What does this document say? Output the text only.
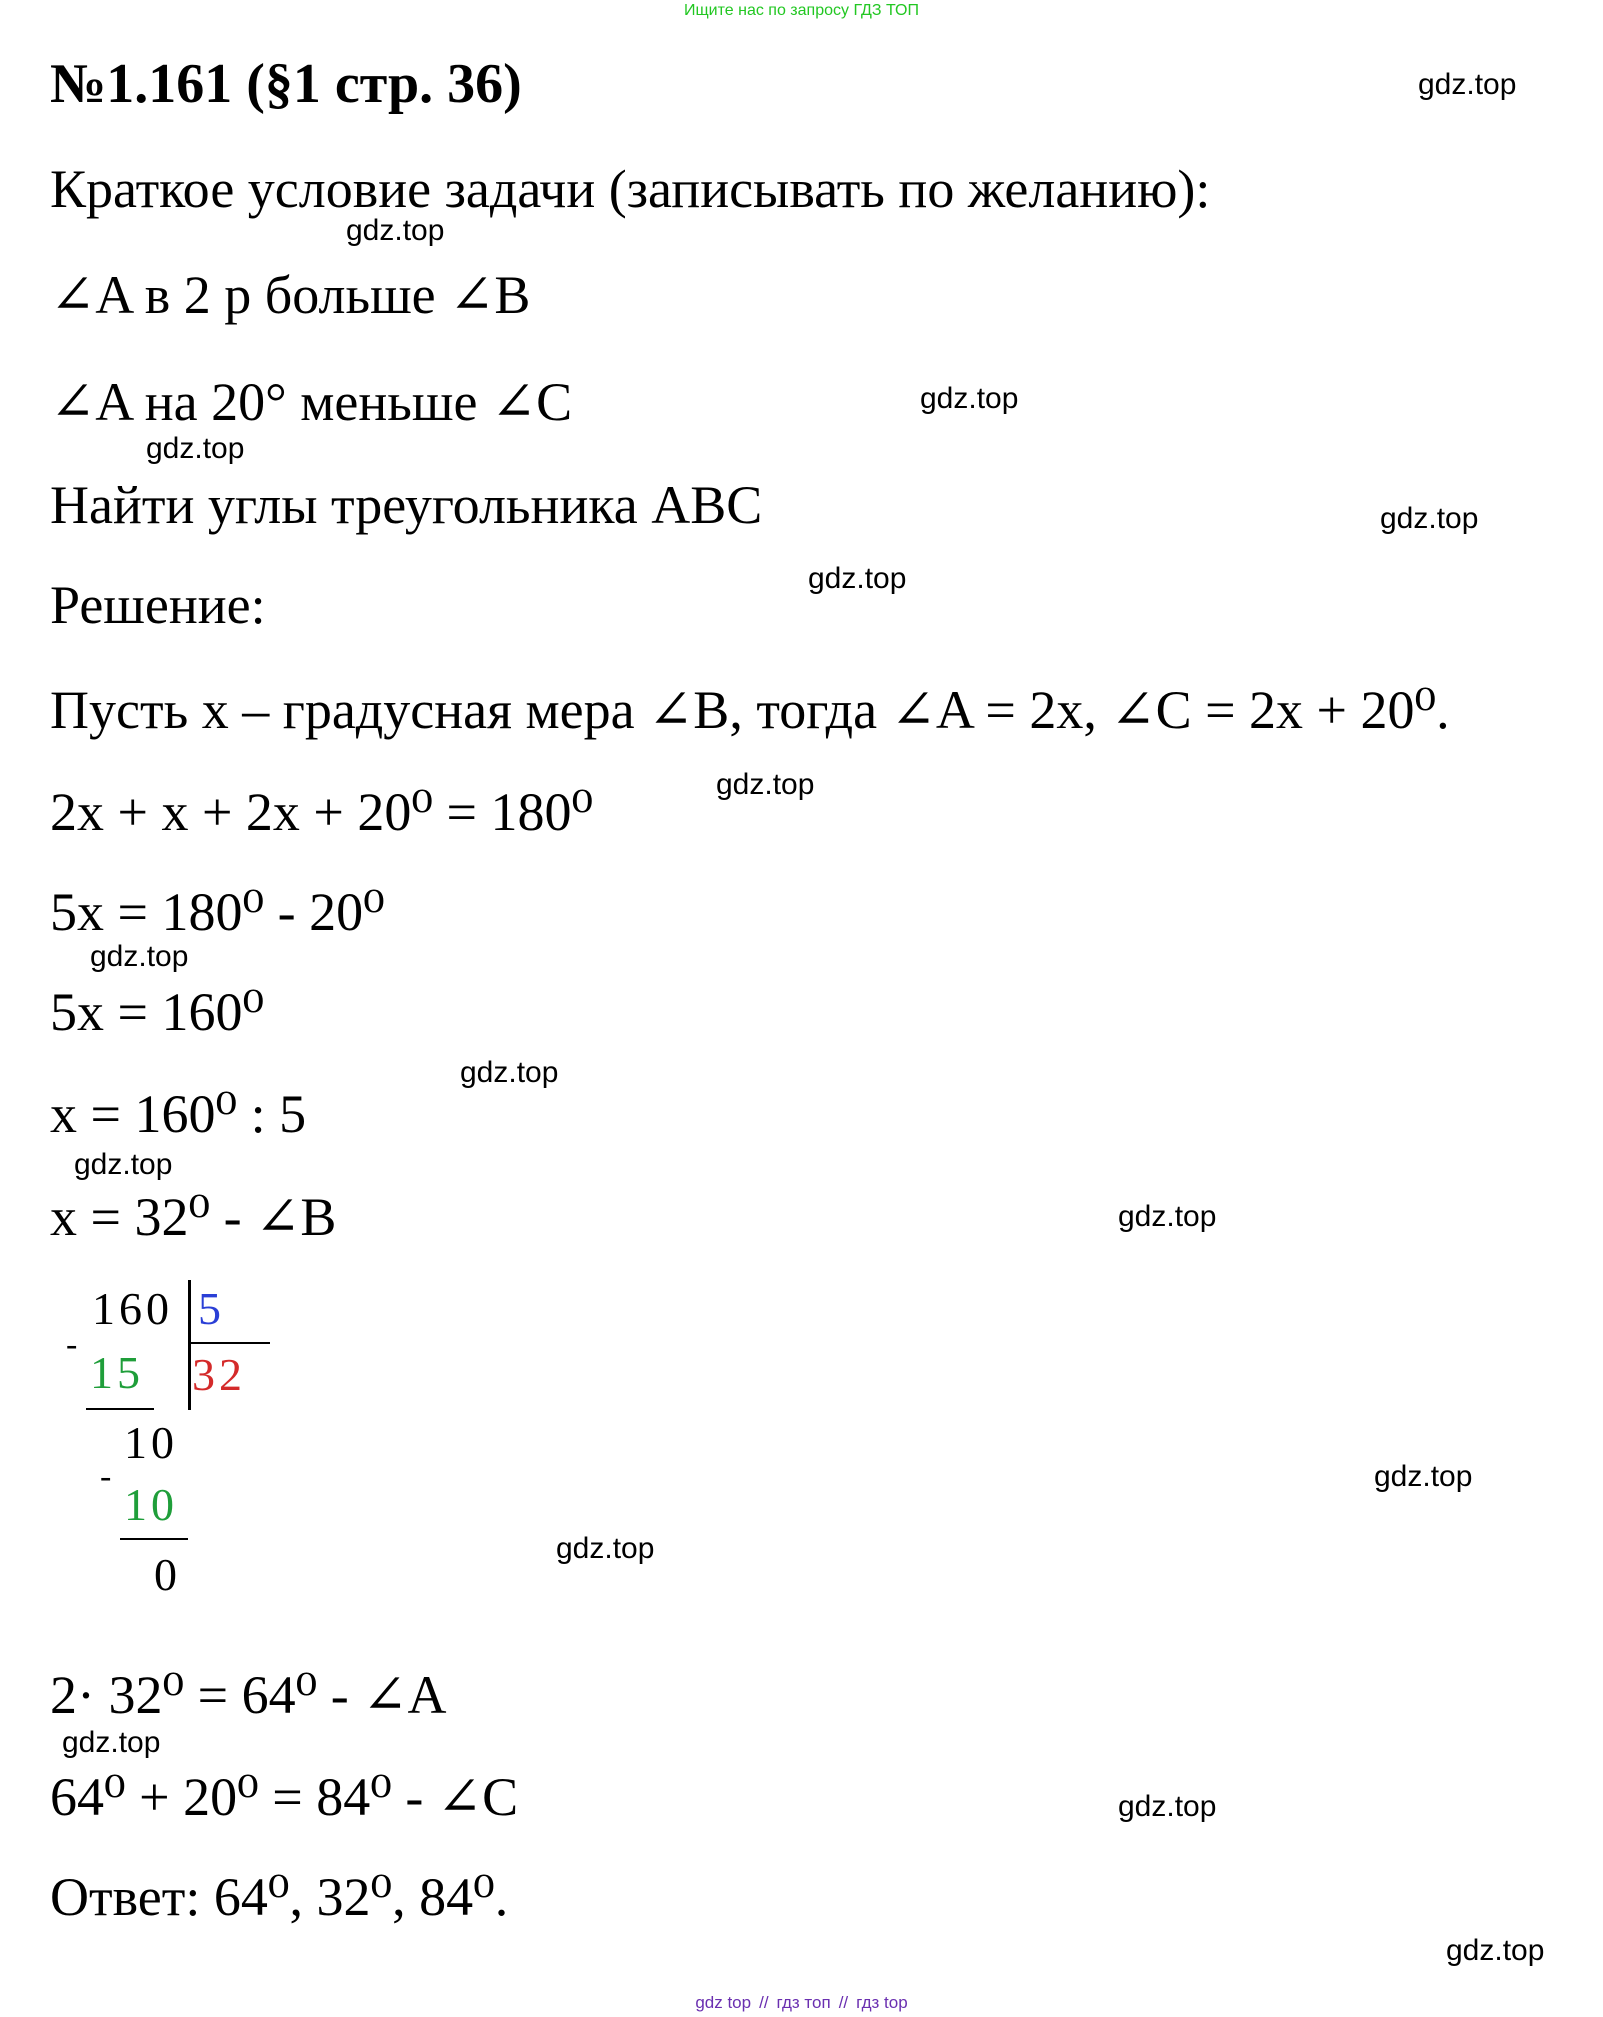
Ищите нас по запросу ГДЗ ТОП
№1.161 (§1 стр. 36)
Краткое условие задачи (записывать по желанию):
∠A в 2 р больше ∠B
∠A на 20° меньше ∠C
Найти углы треугольника ABC
Решение:
Пусть x – градусная мера ∠B, тогда ∠A = 2x, ∠C = 2x + 20⁰.
2x + x + 2x + 20⁰ = 180⁰
5x = 180⁰ - 20⁰
5x = 160⁰
x = 160⁰ : 5
x = 32⁰ - ∠B
160 5
-
15 32
10
-
10
0
2· 32⁰ = 64⁰ - ∠A
64⁰ + 20⁰ = 84⁰ - ∠C
Ответ: 64⁰, 32⁰, 84⁰.
gdz.top
gdz.top
gdz.top
gdz.top
gdz.top
gdz.top
gdz.top
gdz.top
gdz.top
gdz.top
gdz.top
gdz.top
gdz.top
gdz.top
gdz.top
gdz.top
gdz top // гдз топ // гдз top
